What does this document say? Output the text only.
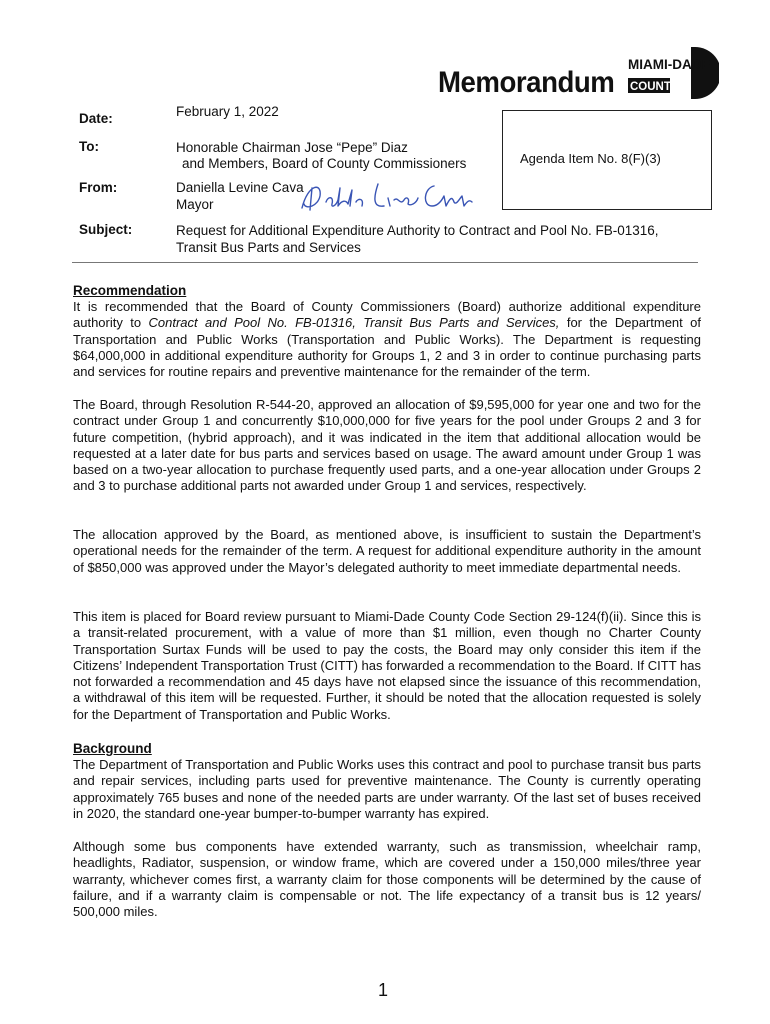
Memorandum
MIAMI-DADE
COUNTY
Date:	February 1, 2022
To:	Honorable Chairman Jose “Pepe” Diaz
and Members, Board of County Commissioners
From:	Daniella Levine Cava
Mayor
Subject:	Request for Additional Expenditure Authority to Contract and Pool No. FB-01316,
Transit Bus Parts and Services
Agenda Item No. 8(F)(3)
Recommendation
It is recommended that the Board of County Commissioners (Board) authorize additional expenditure authority to Contract and Pool No. FB-01316, Transit Bus Parts and Services, for the Department of Transportation and Public Works (Transportation and Public Works). The Department is requesting $64,000,000 in additional expenditure authority for Groups 1, 2 and 3 in order to continue purchasing parts and services for routine repairs and preventive maintenance for the remainder of the term.
The Board, through Resolution R-544-20, approved an allocation of $9,595,000 for year one and two for the contract under Group 1 and concurrently $10,000,000 for five years for the pool under Groups 2 and 3 for future competition, (hybrid approach), and it was indicated in the item that additional allocation would be requested at a later date for bus parts and services based on usage. The award amount under Group 1 was based on a two-year allocation to purchase frequently used parts, and a one-year allocation under Groups 2 and 3 to purchase additional parts not awarded under Group 1 and services, respectively.
The allocation approved by the Board, as mentioned above, is insufficient to sustain the Department’s operational needs for the remainder of the term. A request for additional expenditure authority in the amount of $850,000 was approved under the Mayor’s delegated authority to meet immediate departmental needs.
This item is placed for Board review pursuant to Miami-Dade County Code Section 29-124(f)(ii). Since this is a transit-related procurement, with a value of more than $1 million, even though no Charter County Transportation Surtax Funds will be used to pay the costs, the Board may only consider this item if the Citizens’ Independent Transportation Trust (CITT) has forwarded a recommendation to the Board. If CITT has not forwarded a recommendation and 45 days have not elapsed since the issuance of this recommendation, a withdrawal of this item will be requested. Further, it should be noted that the allocation requested is solely for the Department of Transportation and Public Works.
Background
The Department of Transportation and Public Works uses this contract and pool to purchase transit bus parts and repair services, including parts used for preventive maintenance. The County is currently operating approximately 765 buses and none of the needed parts are under warranty. Of the last set of buses received in 2020, the standard one-year bumper-to-bumper warranty has expired.
Although some bus components have extended warranty, such as transmission, wheelchair ramp, headlights, Radiator, suspension, or window frame, which are covered under a 150,000 miles/three year warranty, whichever comes first, a warranty claim for those components will be determined by the cause of failure, and if a warranty claim is compensable or not. The life expectancy of a transit bus is 12 years/ 500,000 miles.
1
